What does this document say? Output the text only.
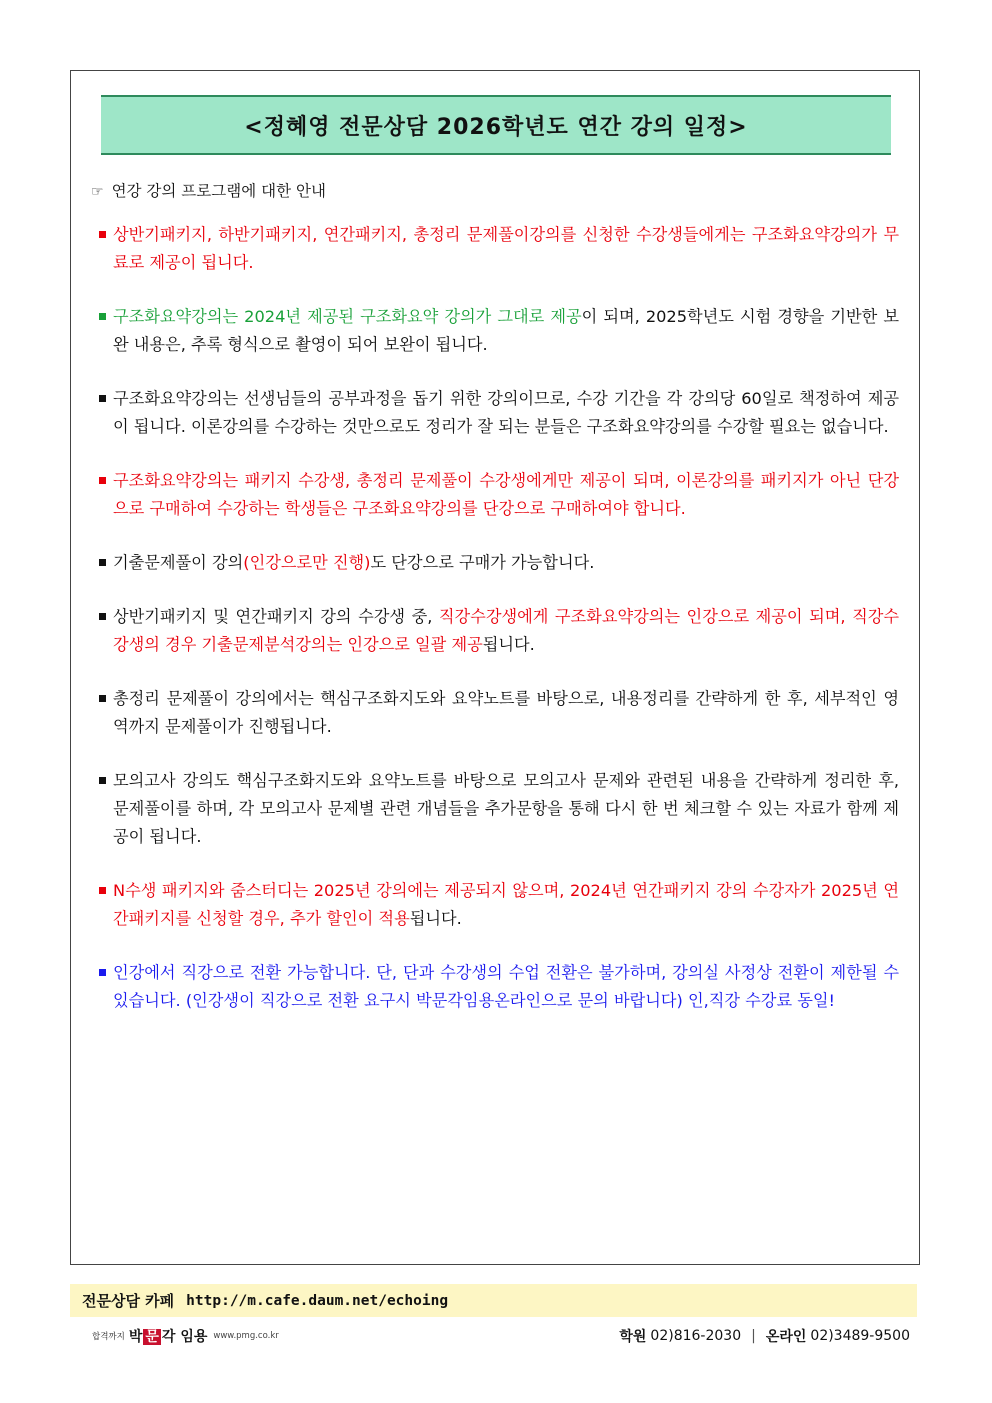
<정혜영 전문상담 2026학년도 연간 강의 일정>
☞ 연강 강의 프로그램에 대한 안내
상반기패키지, 하반기패키지, 연간패키지, 총정리 문제풀이강의를 신청한 수강생들에게는 구조화요약강의가 무료로 제공이 됩니다.
구조화요약강의는 2024년 제공된 구조화요약 강의가 그대로 제공이 되며, 2025학년도 시험 경향을 기반한 보완 내용은, 추록 형식으로 촬영이 되어 보완이 됩니다.
구조화요약강의는 선생님들의 공부과정을 돕기 위한 강의이므로, 수강 기간을 각 강의당 60일로 책정하여 제공이 됩니다. 이론강의를 수강하는 것만으로도 정리가 잘 되는 분들은 구조화요약강의를 수강할 필요는 없습니다.
구조화요약강의는 패키지 수강생, 총정리 문제풀이 수강생에게만 제공이 되며, 이론강의를 패키지가 아닌 단강으로 구매하여 수강하는 학생들은 구조화요약강의를 단강으로 구매하여야 합니다.
기출문제풀이 강의(인강으로만 진행)도 단강으로 구매가 가능합니다.
상반기패키지 및 연간패키지 강의 수강생 중, 직강수강생에게 구조화요약강의는 인강으로 제공이 되며, 직강수강생의 경우 기출문제분석강의는 인강으로 일괄 제공됩니다.
총정리 문제풀이 강의에서는 핵심구조화지도와 요약노트를 바탕으로, 내용정리를 간략하게 한 후, 세부적인 영역까지 문제풀이가 진행됩니다.
모의고사 강의도 핵심구조화지도와 요약노트를 바탕으로 모의고사 문제와 관련된 내용을 간략하게 정리한 후, 문제풀이를 하며, 각 모의고사 문제별 관련 개념들을 추가문항을 통해 다시 한 번 체크할 수 있는 자료가 함께 제공이 됩니다.
N수생 패키지와 줌스터디는 2025년 강의에는 제공되지 않으며, 2024년 연간패키지 강의 수강자가 2025년 연간패키지를 신청할 경우, 추가 할인이 적용됩니다.
인강에서 직강으로 전환 가능합니다. 단, 단과 수강생의 수업 전환은 불가하며, 강의실 사정상 전환이 제한될 수 있습니다. (인강생이 직강으로 전환 요구시 박문각임용온라인으로 문의 바랍니다) 인,직강 수강료 동일!
전문상담 카페 http://m.cafe.daum.net/echoing
합격까지 박 문 각 임용 www.pmg.co.kr	학원 02)816-2030 | 온라인 02)3489-9500
